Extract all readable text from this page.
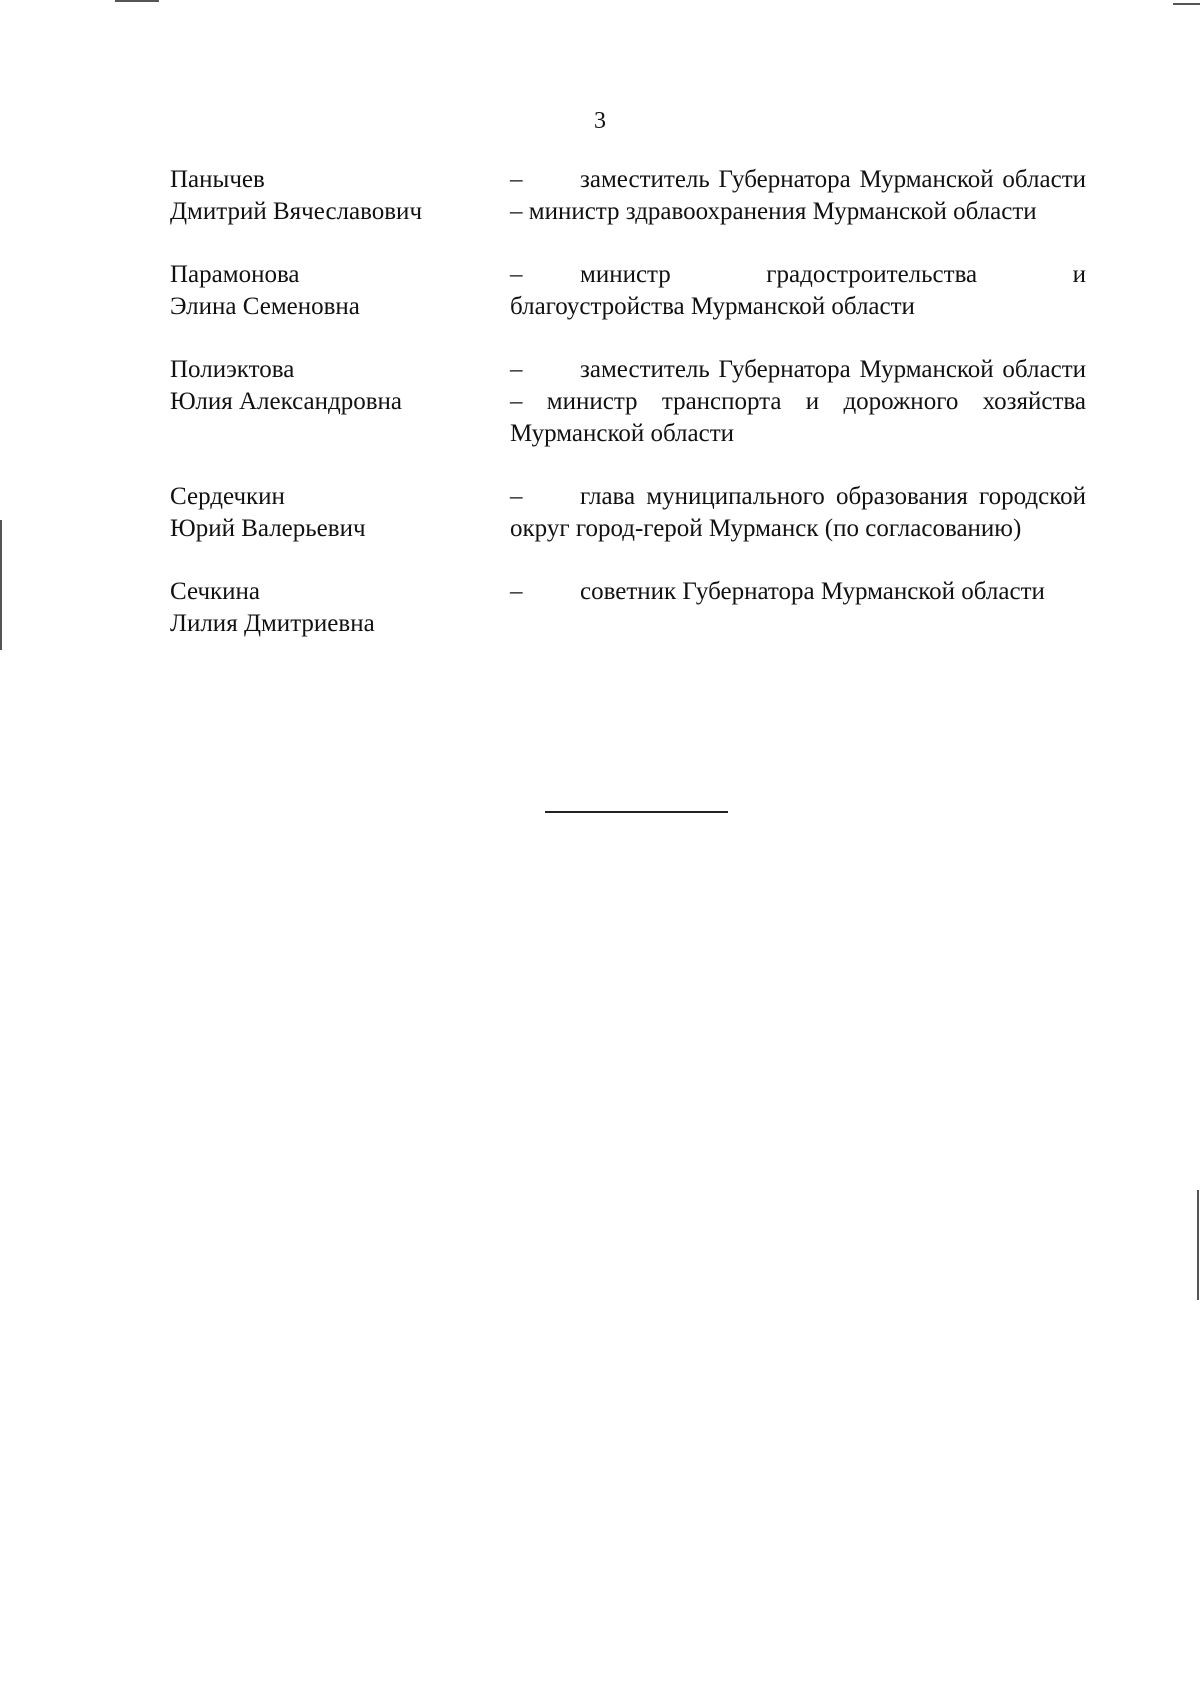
3
Панычев
Дмитрий Вячеславович
– заместитель Губернатора Мурманской области – министр здравоохранения Мурманской области
Парамонова
Элина Семеновна
– министр градостроительства и благоустройства Мурманской области
Полиэктова
Юлия Александровна
– заместитель Губернатора Мурманской области – министр транспорта и дорожного хозяйства Мурманской области
Сердечкин
Юрий Валерьевич
– глава муниципального образования городской округ город-герой Мурманск (по согласованию)
Сечкина
Лилия Дмитриевна
– советник Губернатора Мурманской области
